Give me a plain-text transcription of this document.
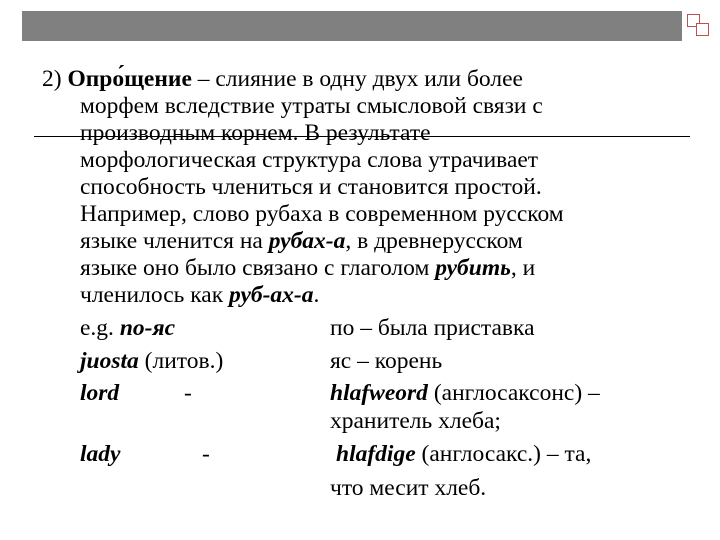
2) Опро́щение – слияние в одну двух или более
морфем вследствие утраты смысловой связи с
производным корнем. В результате
морфологическая структура слова утрачивает
способность члениться и становится простой.
Например, слово рубаха в современном русском
языке членится на рубах-а, в древнерусском
языке оно было связано с глаголом рубить, и
членилось как руб-ах-а.
e.g. по-яс	по – была приставка
juosta (литов.)	яс – корень
lord	-	hlafweord (англосаксонс) –
хранитель хлеба;
lady	-	hlafdige (англосакс.) – та,
что месит хлеб.
